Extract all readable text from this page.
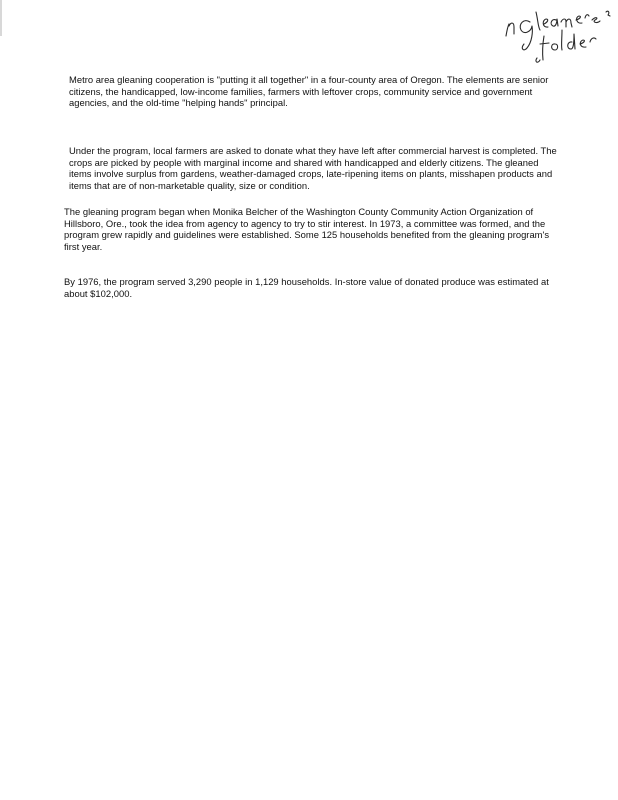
Metro area gleaning cooperation is "putting it all together" in a four-county area of Oregon. The elements are senior citizens, the handicapped, low-income families, farmers with leftover crops, community service and government agencies, and the old-time "helping hands" principal.

Under the program, local farmers are asked to donate what they have left after commercial harvest is completed. The crops are picked by people with marginal income and shared with handicapped and elderly citizens. The gleaned items involve surplus from gardens, weather-damaged crops, late-ripening items on plants, misshapen products and items that are of non-marketable quality, size or condition.

The gleaning program began when Monika Belcher of the Washington County Community Action Organization of Hillsboro, Ore., took the idea from agency to agency to try to stir interest. In 1973, a committee was formed, and the program grew rapidly and guidelines were established. Some 125 households benefited from the gleaning program's first year.

By 1976, the program served 3,290 people in 1,129 households. In-store value of donated produce was estimated at about $102,000.
